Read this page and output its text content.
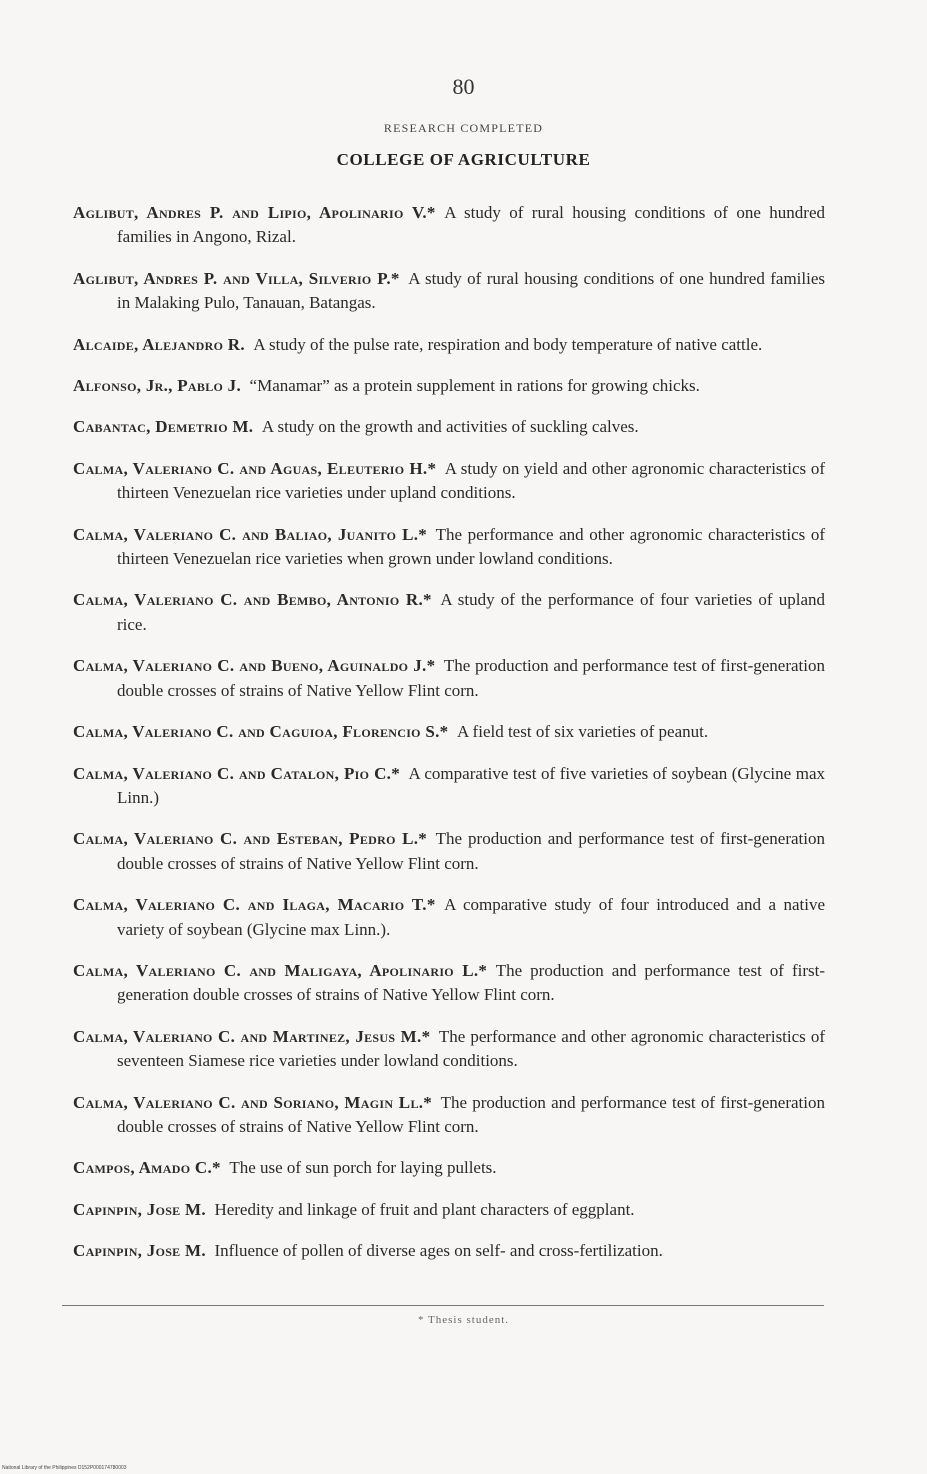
80
RESEARCH COMPLETED
COLLEGE OF AGRICULTURE

Aglibut, Andres P. and Lipio, Apolinario V.*  A study of rural housing conditions of one hundred families in Angono, Rizal.

Aglibut, Andres P. and Villa, Silverio P.*  A study of rural housing conditions of one hundred families in Malaking Pulo, Tanauan, Batangas.

Alcaide, Alejandro R.  A study of the pulse rate, respiration and body temperature of native cattle.

Alfonso, Jr., Pablo J.  “Manamar” as a protein supplement in rations for growing chicks.

Cabantac, Demetrio M.  A study on the growth and activities of suckling calves.

Calma, Valeriano C. and Aguas, Eleuterio H.*  A study on yield and other agronomic characteristics of thirteen Venezuelan rice varieties under upland conditions.

Calma, Valeriano C. and Baliao, Juanito L.*  The performance and other agronomic characteristics of thirteen Venezuelan rice varieties when grown under lowland conditions.

Calma, Valeriano C. and Bembo, Antonio R.*  A study of the performance of four varieties of upland rice.

Calma, Valeriano C. and Bueno, Aguinaldo J.*  The production and performance test of first-generation double crosses of strains of Native Yellow Flint corn.

Calma, Valeriano C. and Caguioa, Florencio S.*  A field test of six varieties of peanut.

Calma, Valeriano C. and Catalon, Pio C.*  A comparative test of five varieties of soybean (Glycine max Linn.)

Calma, Valeriano C. and Esteban, Pedro L.*  The production and performance test of first-generation double crosses of strains of Native Yellow Flint corn.

Calma, Valeriano C. and Ilaga, Macario T.*  A comparative study of four introduced and a native variety of soybean (Glycine max Linn.).

Calma, Valeriano C. and Maligaya, Apolinario L.*  The production and performance test of first-generation double crosses of strains of Native Yellow Flint corn.

Calma, Valeriano C. and Martinez, Jesus M.*  The performance and other agronomic characteristics of seventeen Siamese rice varieties under lowland conditions.

Calma, Valeriano C. and Soriano, Magin Ll.*  The production and performance test of first-generation double crosses of strains of Native Yellow Flint corn.

Campos, Amado C.*  The use of sun porch for laying pullets.

Capinpin, Jose M.  Heredity and linkage of fruit and plant characters of eggplant.

Capinpin, Jose M.  Influence of pollen of diverse ages on self- and cross-fertilization.

* Thesis student.
National Library of the Philippines D152P000174780003
